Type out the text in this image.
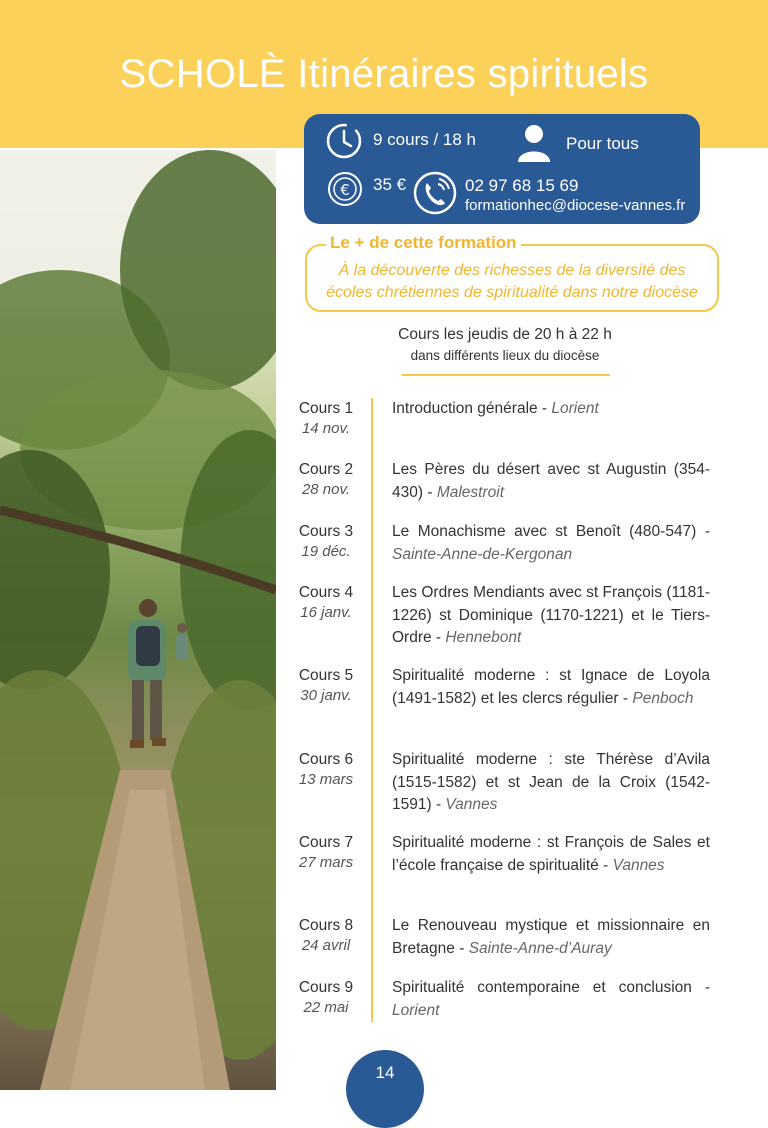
SCHOLÈ Itinéraires spirituels
9 cours / 18 h	Pour tous
€ 35 €	02 97 68 15 69
formationhec@diocese-vannes.fr
Le + de cette formation
À la découverte des richesses de la diversité des
écoles chrétiennes de spiritualité dans notre diocèse
Cours les jeudis de 20 h à 22 h
dans différents lieux du diocèse
Cours 1
14 nov.
Introduction générale - Lorient
Cours 2
28 nov.
Les Pères du désert avec st Augustin (354-430) - Malestroit
Cours 3
19 déc.
Le Monachisme avec st Benoît (480-547) - Sainte-Anne-de-Kergonan
Cours 4
16 janv.
Les Ordres Mendiants avec st François (1181-1226) st Dominique (1170-1221) et le Tiers-Ordre - Hennebont
Cours 5
30 janv.
Spiritualité moderne : st Ignace de Loyola (1491-1582) et les clercs régulier - Penboch
Cours 6
13 mars
Spiritualité moderne : ste Thérèse d’Avila (1515-1582) et st Jean de la Croix (1542-1591) - Vannes
Cours 7
27 mars
Spiritualité moderne : st François de Sales et l’école française de spiritualité - Vannes
Cours 8
24 avril
Le Renouveau mystique et missionnaire en Bretagne - Sainte-Anne-d’Auray
Cours 9
22 mai
Spiritualité contemporaine et conclusion - Lorient
14
